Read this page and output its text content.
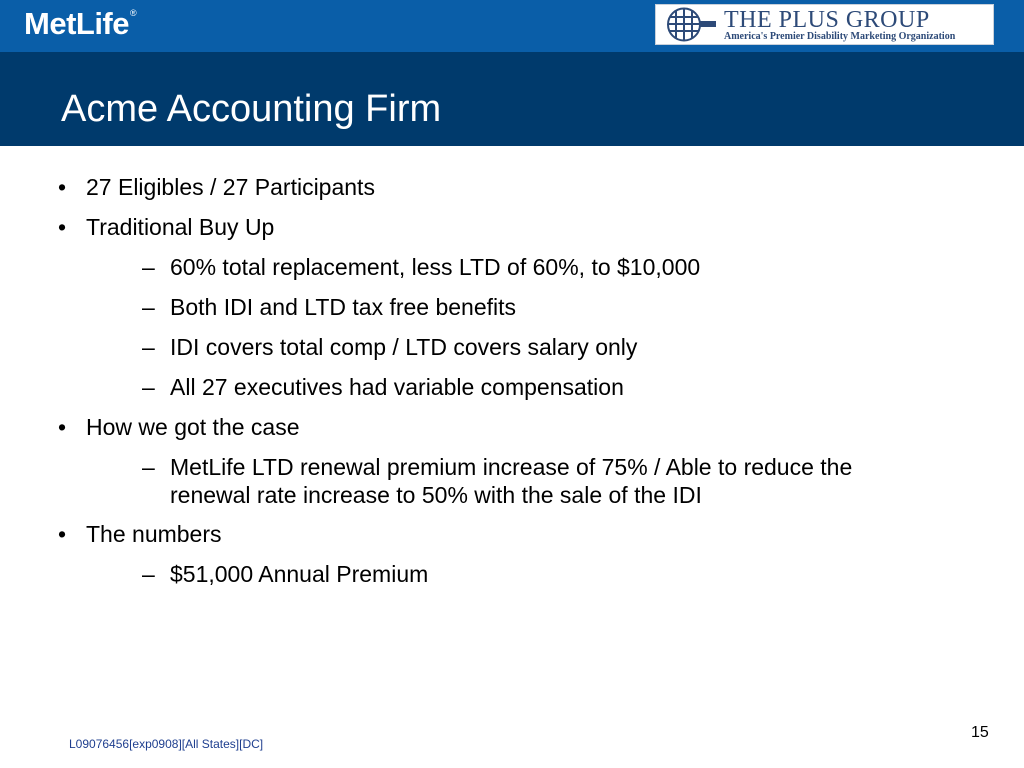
MetLife®	THE PLUS GROUP
America's Premier Disability Marketing Organization
Acme Accounting Firm
• 27 Eligibles / 27 Participants
• Traditional Buy Up
– 60% total replacement, less LTD of 60%, to $10,000
– Both IDI and LTD tax free benefits
– IDI covers total comp / LTD covers salary only
– All 27 executives had variable compensation
• How we got the case
– MetLife LTD renewal premium increase of 75% / Able to reduce the
renewal rate increase to 50% with the sale of the IDI
• The numbers
– $51,000 Annual Premium
L09076456[exp0908][All States][DC]
15
